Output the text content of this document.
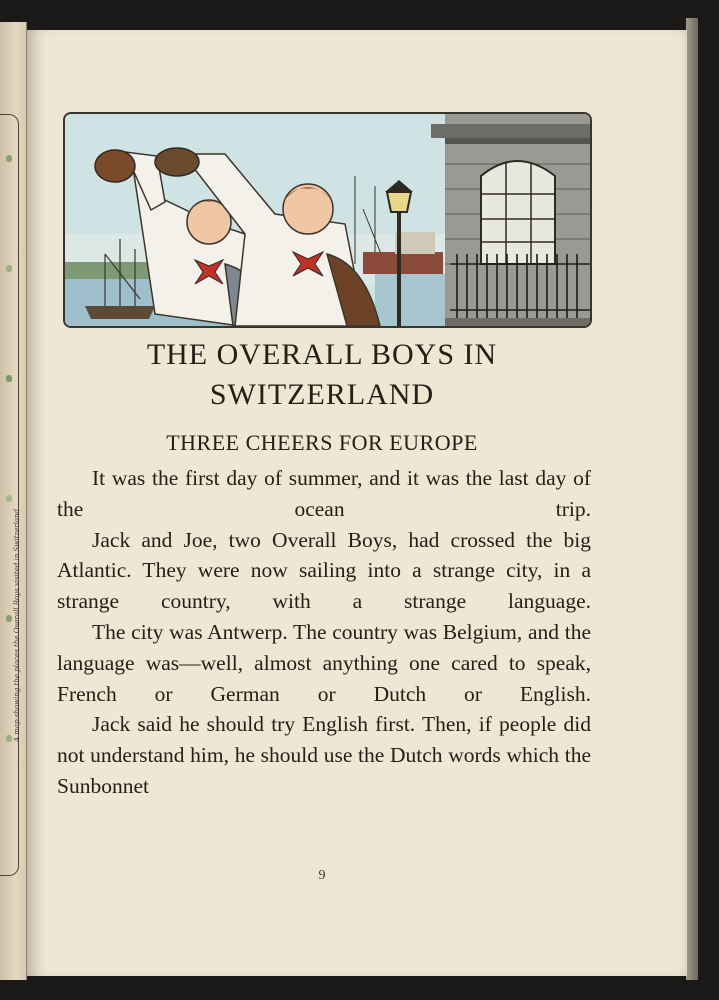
A map showing the places the Overall Boys visited in Switzerland
THE OVERALL BOYS IN
SWITZERLAND
THREE CHEERS FOR EUROPE

It was the first day of summer, and it was the last day of the ocean trip.

Jack and Joe, two Overall Boys, had crossed the big Atlantic. They were now sailing into a strange city, in a strange country, with a strange language.

The city was Antwerp. The country was Belgium, and the language was—well, almost anything one cared to speak, French or German or Dutch or English.

Jack said he should try English first. Then, if people did not understand him, he should use the Dutch words which the Sunbonnet

9
